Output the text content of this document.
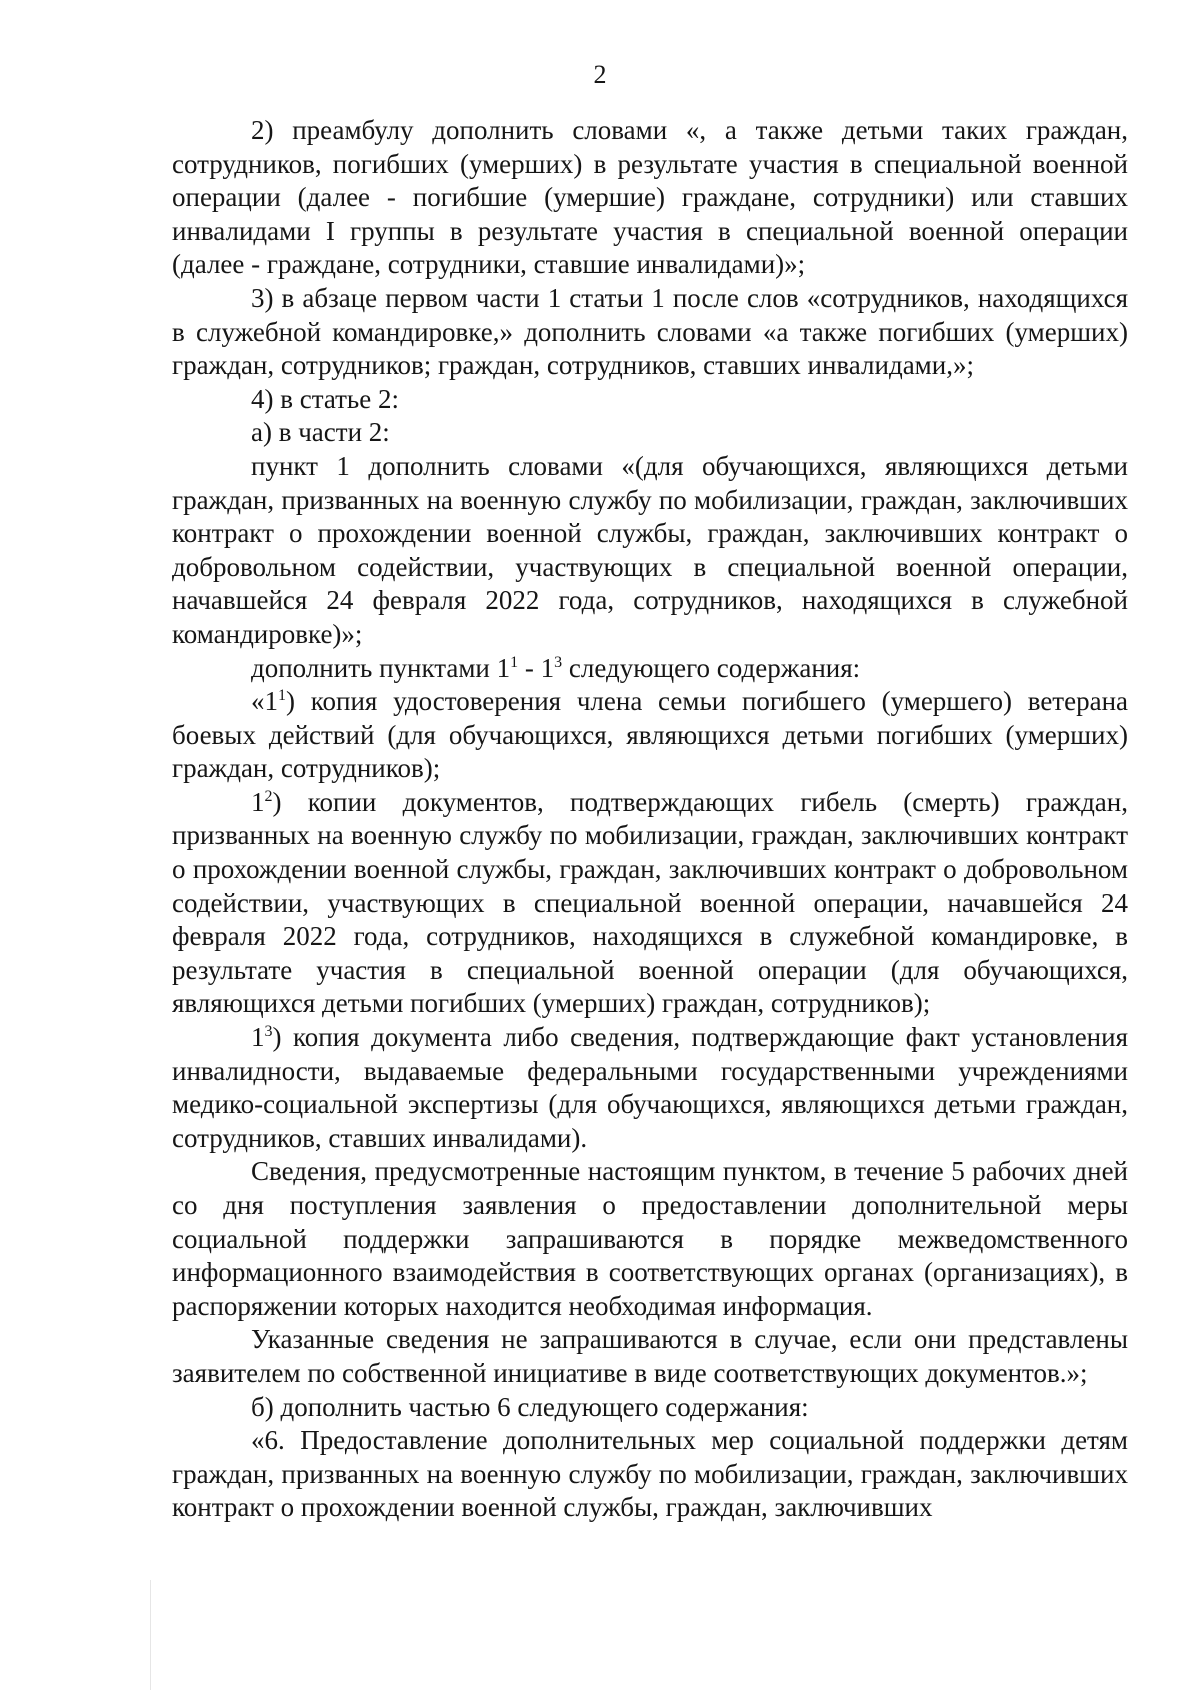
2

2) преамбулу дополнить словами «, а также детьми таких граждан, сотрудников, погибших (умерших) в результате участия в специальной военной операции (далее - погибшие (умершие) граждане, сотрудники) или ставших инвалидами I группы в результате участия в специальной военной операции (далее - граждане, сотрудники, ставшие инвалидами)»;

3) в абзаце первом части 1 статьи 1 после слов «сотрудников, находящихся в служебной командировке,» дополнить словами «а также погибших (умерших) граждан, сотрудников; граждан, сотрудников, ставших инвалидами,»;

4) в статье 2:

а) в части 2:

пункт 1 дополнить словами «(для обучающихся, являющихся детьми граждан, призванных на военную службу по мобилизации, граждан, заключивших контракт о прохождении военной службы, граждан, заключивших контракт о добровольном содействии, участвующих в специальной военной операции, начавшейся 24 февраля 2022 года, сотрудников, находящихся в служебной командировке)»;

дополнить пунктами $1^1 - 1^3$ следующего содержания:

«$1^1$) копия удостоверения члена семьи погибшего (умершего) ветерана боевых действий (для обучающихся, являющихся детьми погибших (умерших) граждан, сотрудников);

$1^2$) копии документов, подтверждающих гибель (смерть) граждан, призванных на военную службу по мобилизации, граждан, заключивших контракт о прохождении военной службы, граждан, заключивших контракт о добровольном содействии, участвующих в специальной военной операции, начавшейся 24 февраля 2022 года, сотрудников, находящихся в служебной командировке, в результате участия в специальной военной операции (для обучающихся, являющихся детьми погибших (умерших) граждан, сотрудников);

$1^3$) копия документа либо сведения, подтверждающие факт установления инвалидности, выдаваемые федеральными государственными учреждениями медико-социальной экспертизы (для обучающихся, являющихся детьми граждан, сотрудников, ставших инвалидами).

Сведения, предусмотренные настоящим пунктом, в течение 5 рабочих дней со дня поступления заявления о предоставлении дополнительной меры социальной поддержки запрашиваются в порядке межведомственного информационного взаимодействия в соответствующих органах (организациях), в распоряжении которых находится необходимая информация.

Указанные сведения не запрашиваются в случае, если они представлены заявителем по собственной инициативе в виде соответствующих документов.»;

б) дополнить частью 6 следующего содержания:

«6. Предоставление дополнительных мер социальной поддержки детям граждан, призванных на военную службу по мобилизации, граждан, заключивших контракт о прохождении военной службы, граждан, заключивших
